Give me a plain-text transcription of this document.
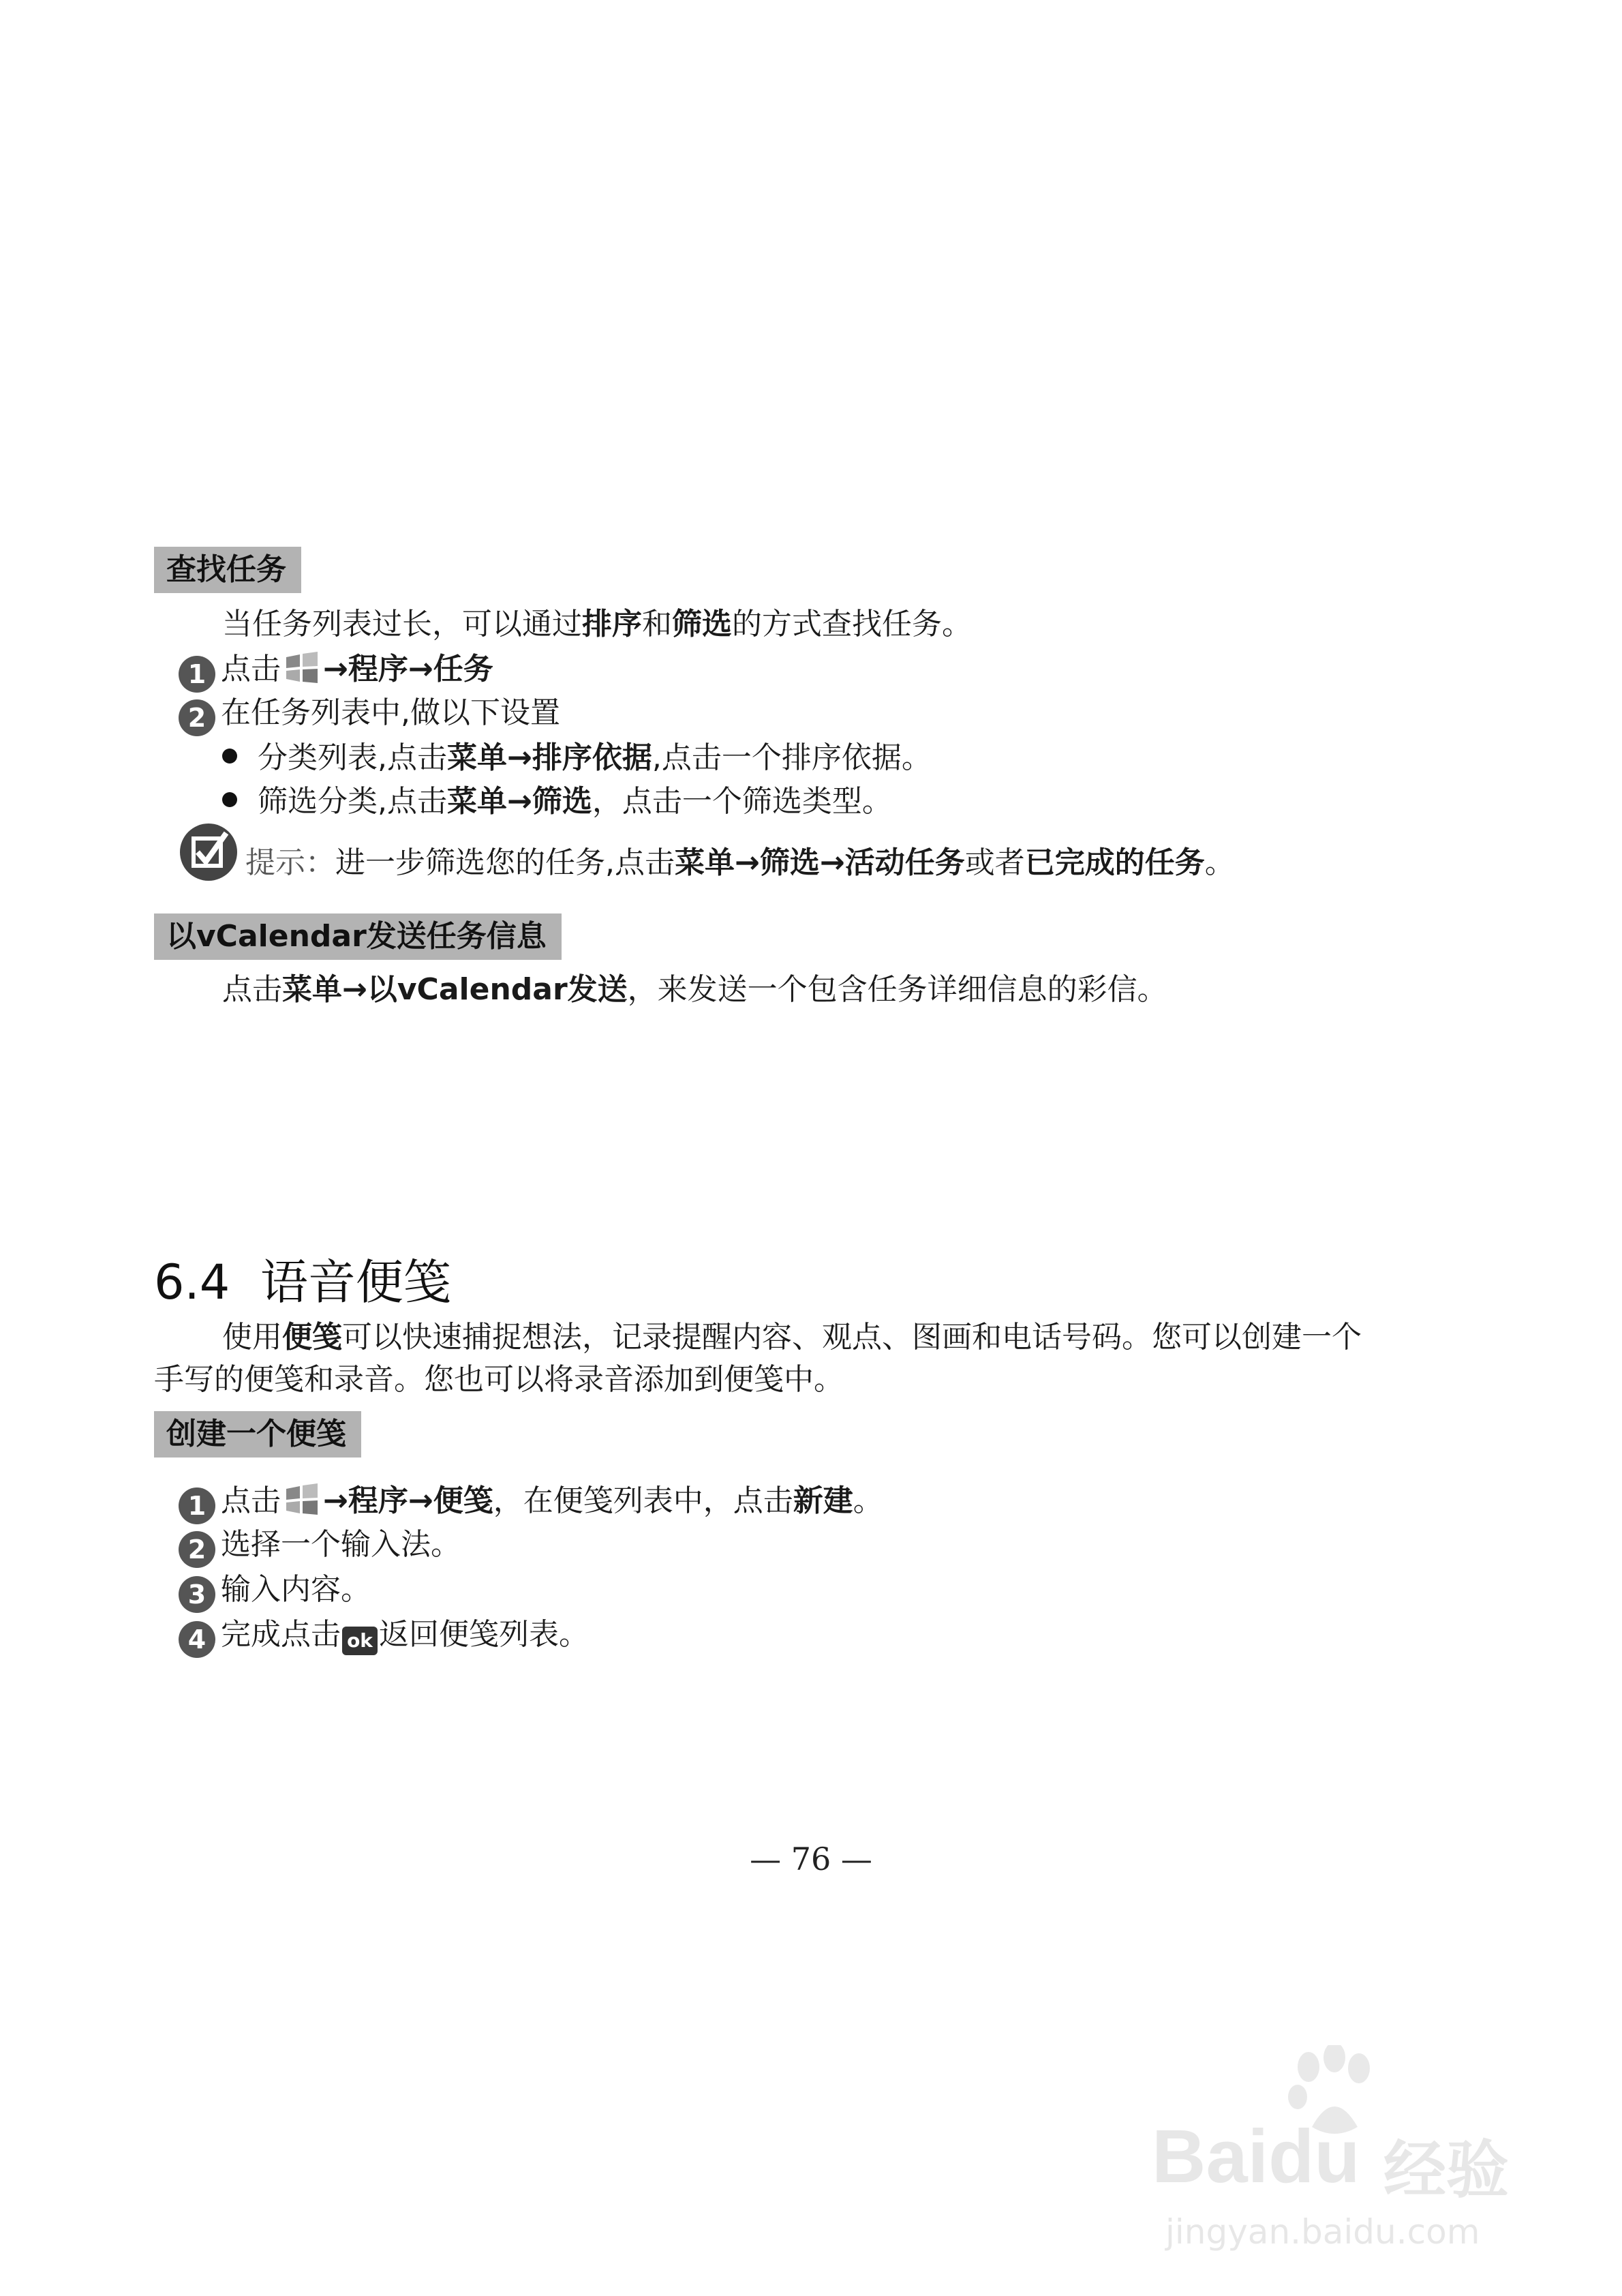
查找任务
当任务列表过长，可以通过排序和筛选的方式查找任务。
1 点击 →程序→任务
2 在任务列表中,做以下设置
分类列表,点击菜单→排序依据,点击一个排序依据。
筛选分类,点击菜单→筛选，点击一个筛选类型。
提示：进一步筛选您的任务,点击菜单→筛选→活动任务或者已完成的任务。
以vCalendar发送任务信息
点击菜单→以vCalendar发送，来发送一个包含任务详细信息的彩信。
6.4 语音便笺
使用便笺可以快速捕捉想法，记录提醒内容、观点、图画和电话号码。您可以创建一个
手写的便笺和录音。您也可以将录音添加到便笺中。
创建一个便笺
1 点击 →程序→便笺，在便笺列表中，点击新建。
2 选择一个输入法。
3 输入内容。
4 完成点击 ok 返回便笺列表。
— 76 —
Baidu 经验
jingyan.baidu.com
